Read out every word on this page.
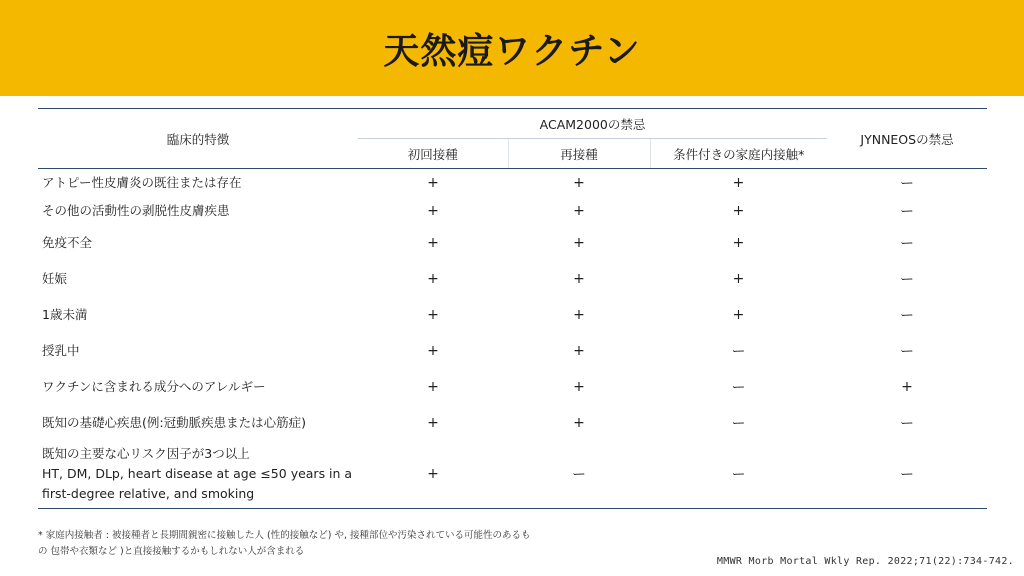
天然痘ワクチン
臨床的特徴	ACAM2000の禁忌			JYNNEOSの禁忌
	初回接種	再接種	条件付きの家庭内接触*	

アトピー性皮膚炎の既往または存在	+	+	+	ー

その他の活動性の剥脱性皮膚疾患	+	+	+	ー

免疫不全	+	+	+	ー

妊娠	+	+	+	ー

1歳未満	+	+	+	ー

授乳中	+	+	ー	ー

ワクチンに含まれる成分へのアレルギー	+	+	ー	+

既知の基礎心疾患(例:冠動脈疾患または心筋症)	+	+	ー	ー

既知の主要な心リスク因子が3つ以上
HT, DM, DLp, heart disease at age ≤50 years in a
first-degree relative, and smoking	+	ー	ー	ー
* 家庭内接触者 : 被接種者と長期間親密に接触した人 (性的接触など) や, 接種部位や汚染されている可能性のあるも
の 包帯や衣類など )と直接接触するかもしれない人が含まれる
MMWR Morb Mortal Wkly Rep. 2022;71(22):734-742.
